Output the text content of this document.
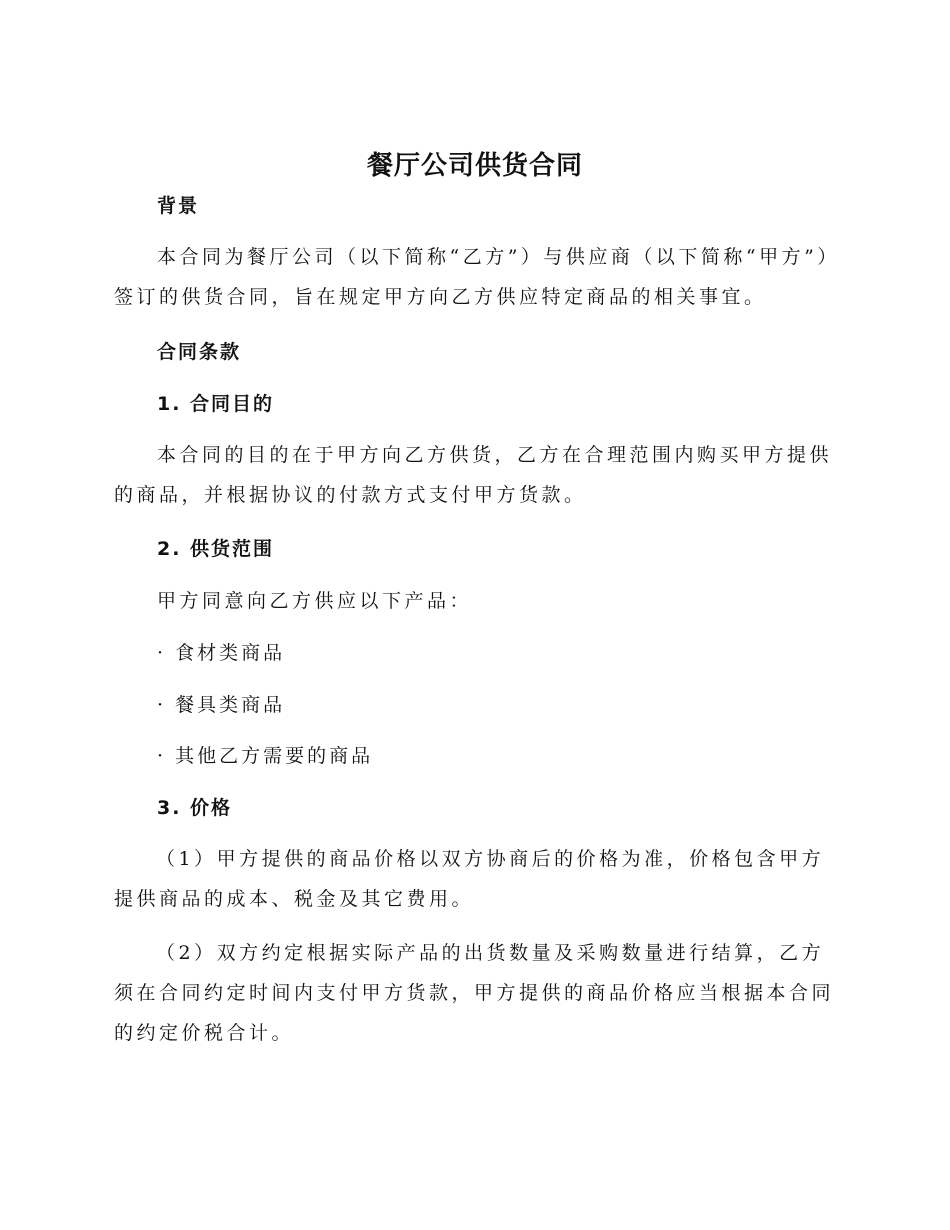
餐厅公司供货合同

背景

本合同为餐厅公司（以下简称“乙方”）与供应商（以下简称“甲方”）签订的供货合同，旨在规定甲方向乙方供应特定商品的相关事宜。

合同条款

1. 合同目的

本合同的目的在于甲方向乙方供货，乙方在合理范围内购买甲方提供的商品，并根据协议的付款方式支付甲方货款。

2. 供货范围

甲方同意向乙方供应以下产品：

· 食材类商品

· 餐具类商品

· 其他乙方需要的商品

3. 价格

（1）甲方提供的商品价格以双方协商后的价格为准，价格包含甲方提供商品的成本、税金及其它费用。

（2）双方约定根据实际产品的出货数量及采购数量进行结算，乙方须在合同约定时间内支付甲方货款，甲方提供的商品价格应当根据本合同的约定价税合计。
